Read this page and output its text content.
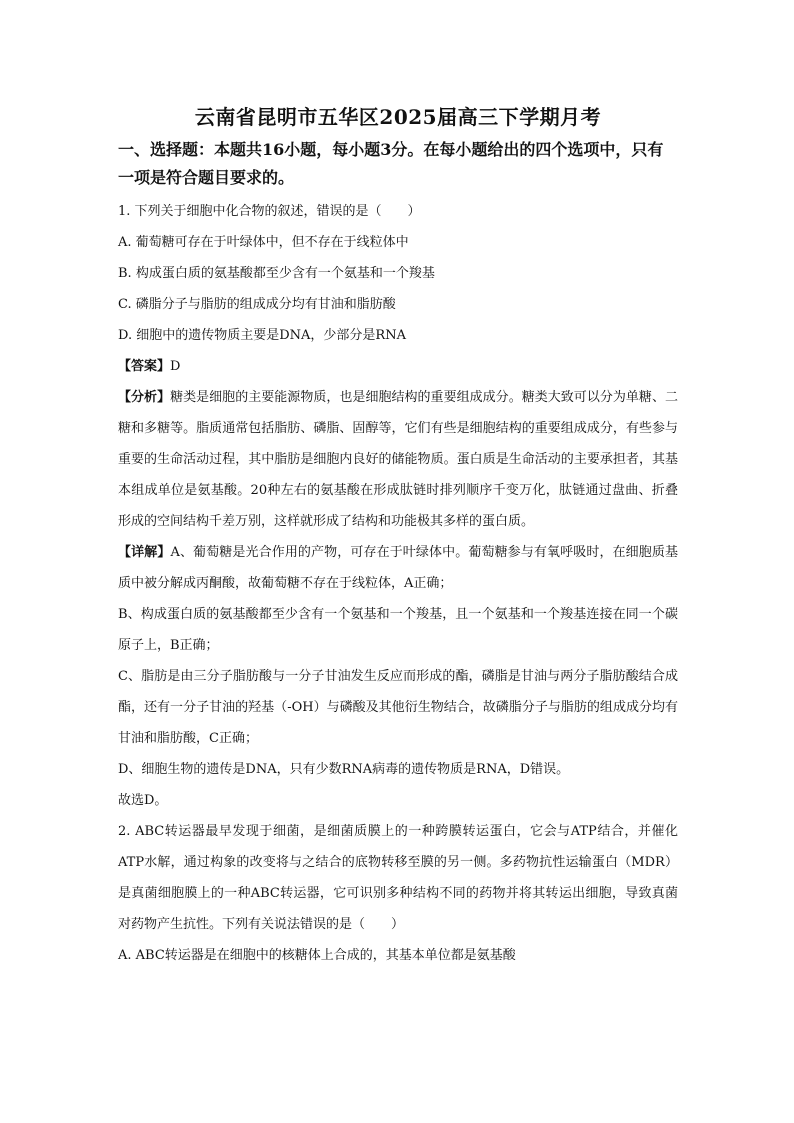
云南省昆明市五华区2025届高三下学期月考
一、选择题：本题共16小题，每小题3分。在每小题给出的四个选项中，只有一项是符合题目要求的。
1. 下列关于细胞中化合物的叙述，错误的是（　　）
A. 葡萄糖可存在于叶绿体中，但不存在于线粒体中
B. 构成蛋白质的氨基酸都至少含有一个氨基和一个羧基
C. 磷脂分子与脂肪的组成成分均有甘油和脂肪酸
D. 细胞中的遗传物质主要是DNA，少部分是RNA
【答案】D
【分析】糖类是细胞的主要能源物质，也是细胞结构的重要组成成分。糖类大致可以分为单糖、二糖和多糖等。脂质通常包括脂肪、磷脂、固醇等，它们有些是细胞结构的重要组成成分，有些参与重要的生命活动过程，其中脂肪是细胞内良好的储能物质。蛋白质是生命活动的主要承担者，其基本组成单位是氨基酸。20种左右的氨基酸在形成肽链时排列顺序千变万化，肽链通过盘曲、折叠形成的空间结构千差万别，这样就形成了结构和功能极其多样的蛋白质。
【详解】A、葡萄糖是光合作用的产物，可存在于叶绿体中。葡萄糖参与有氧呼吸时，在细胞质基质中被分解成丙酮酸，故葡萄糖不存在于线粒体，A正确；
B、构成蛋白质的氨基酸都至少含有一个氨基和一个羧基，且一个氨基和一个羧基连接在同一个碳原子上，B正确；
C、脂肪是由三分子脂肪酸与一分子甘油发生反应而形成的酯，磷脂是甘油与两分子脂肪酸结合成酯，还有一分子甘油的羟基（-OH）与磷酸及其他衍生物结合，故磷脂分子与脂肪的组成成分均有甘油和脂肪酸，C正确；
D、细胞生物的遗传是DNA，只有少数RNA病毒的遗传物质是RNA，D错误。
故选D。
2. ABC转运器最早发现于细菌，是细菌质膜上的一种跨膜转运蛋白，它会与ATP结合，并催化ATP水解，通过构象的改变将与之结合的底物转移至膜的另一侧。多药物抗性运输蛋白（MDR）是真菌细胞膜上的一种ABC转运器，它可识别多种结构不同的药物并将其转运出细胞，导致真菌对药物产生抗性。下列有关说法错误的是（　　）
A. ABC转运器是在细胞中的核糖体上合成的，其基本单位都是氨基酸
